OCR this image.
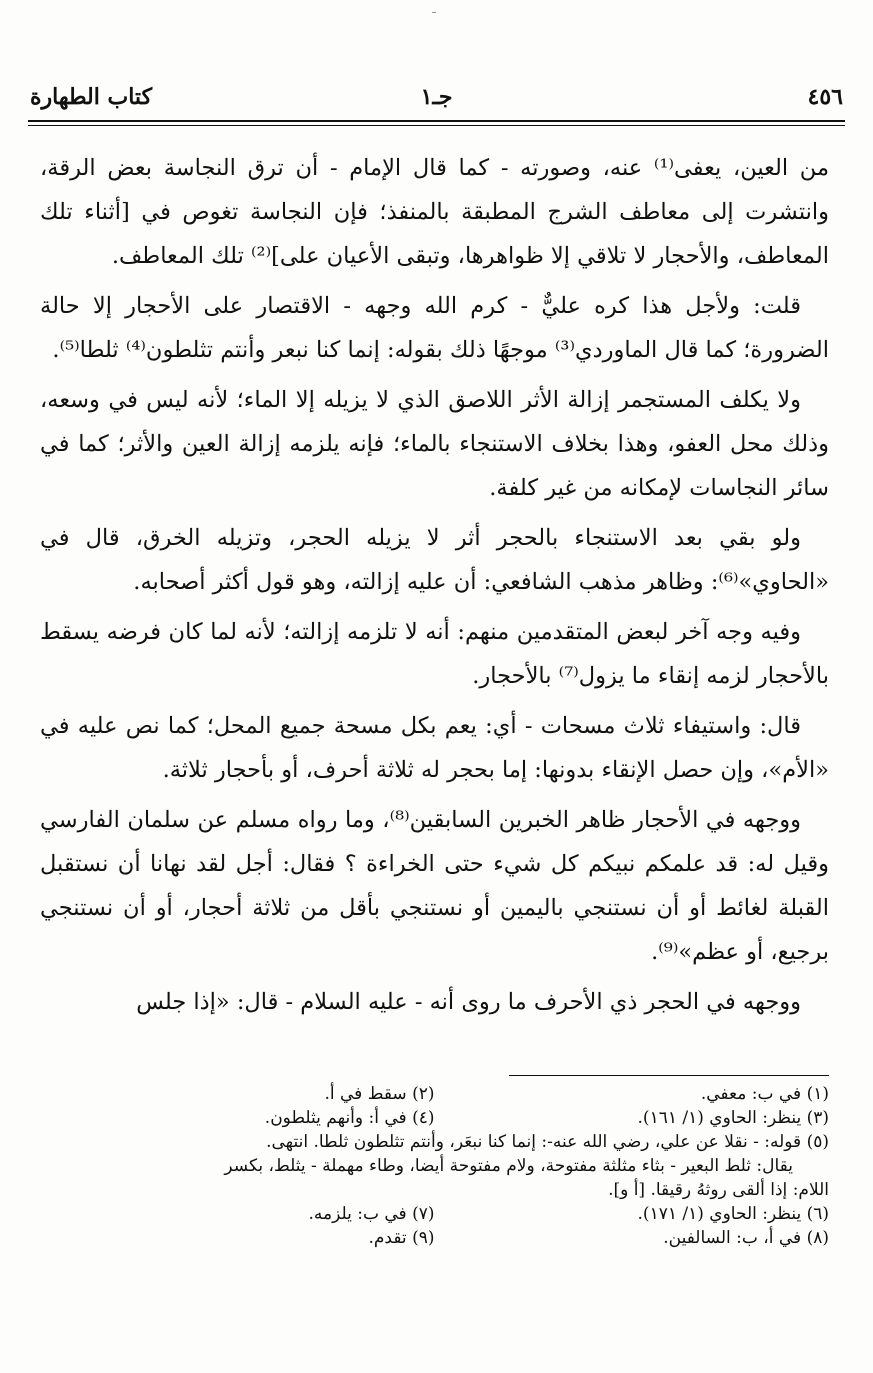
٤٥٦
جـ١
كتاب الطهارة

من العين، يعفى⁽¹⁾ عنه، وصورته - كما قال الإمام - أن ترق النجاسة بعض الرقة، وانتشرت إلى معاطف الشرج المطبقة بالمنفذ؛ فإن النجاسة تغوص في [أثناء تلك المعاطف، والأحجار لا تلاقي إلا ظواهرها، وتبقى الأعيان على]⁽²⁾ تلك المعاطف.

قلت: ولأجل هذا كره عليٌّ - كرم الله وجهه - الاقتصار على الأحجار إلا حالة الضرورة؛ كما قال الماوردي⁽³⁾ موجهًا ذلك بقوله: إنما كنا نبعر وأنتم تثلطون⁽⁴⁾ ثلطا⁽⁵⁾.

ولا يكلف المستجمر إزالة الأثر اللاصق الذي لا يزيله إلا الماء؛ لأنه ليس في وسعه، وذلك محل العفو، وهذا بخلاف الاستنجاء بالماء؛ فإنه يلزمه إزالة العين والأثر؛ كما في سائر النجاسات لإمكانه من غير كلفة.

ولو بقي بعد الاستنجاء بالحجر أثر لا يزيله الحجر، وتزيله الخرق، قال في «الحاوي»⁽⁶⁾: وظاهر مذهب الشافعي: أن عليه إزالته، وهو قول أكثر أصحابه.

وفيه وجه آخر لبعض المتقدمين منهم: أنه لا تلزمه إزالته؛ لأنه لما كان فرضه يسقط بالأحجار لزمه إنقاء ما يزول⁽⁷⁾ بالأحجار.

قال: واستيفاء ثلاث مسحات - أي: يعم بكل مسحة جميع المحل؛ كما نص عليه في «الأم»، وإن حصل الإنقاء بدونها: إما بحجر له ثلاثة أحرف، أو بأحجار ثلاثة.

ووجهه في الأحجار ظاهر الخبرين السابقين⁽⁸⁾، وما رواه مسلم عن سلمان الفارسي وقيل له: قد علمكم نبيكم كل شيء حتى الخراءة ؟ فقال: أجل لقد نهانا أن نستقبل القبلة لغائط أو أن نستنجي باليمين أو نستنجي بأقل من ثلاثة أحجار، أو أن نستنجي برجيع، أو عظم»⁽⁹⁾.

ووجهه في الحجر ذي الأحرف ما روى أنه - عليه السلام - قال: «إذا جلس

(١) في ب: معفي.
(٢) سقط في أ.
(٣) ينظر: الحاوي (١/ ١٦١).
(٤) في أ: وأنهم يثلطون.
(٥) قوله: - نقلا عن علي، رضي الله عنه-: إنما كنا نبعَر، وأنتم تثلطون ثلطا. انتهى.
يقال: ثلط البعير - بثاء مثلثة مفتوحة، ولام مفتوحة أيضا، وطاء مهملة - يثلط، بكسر
اللام: إذا ألقى روثهُ رقيقا. [أ و].
(٦) ينظر: الحاوي (١/ ١٧١).
(٧) في ب: يلزمه.
(٨) في أ، ب: السالفين.
(٩) تقدم.
